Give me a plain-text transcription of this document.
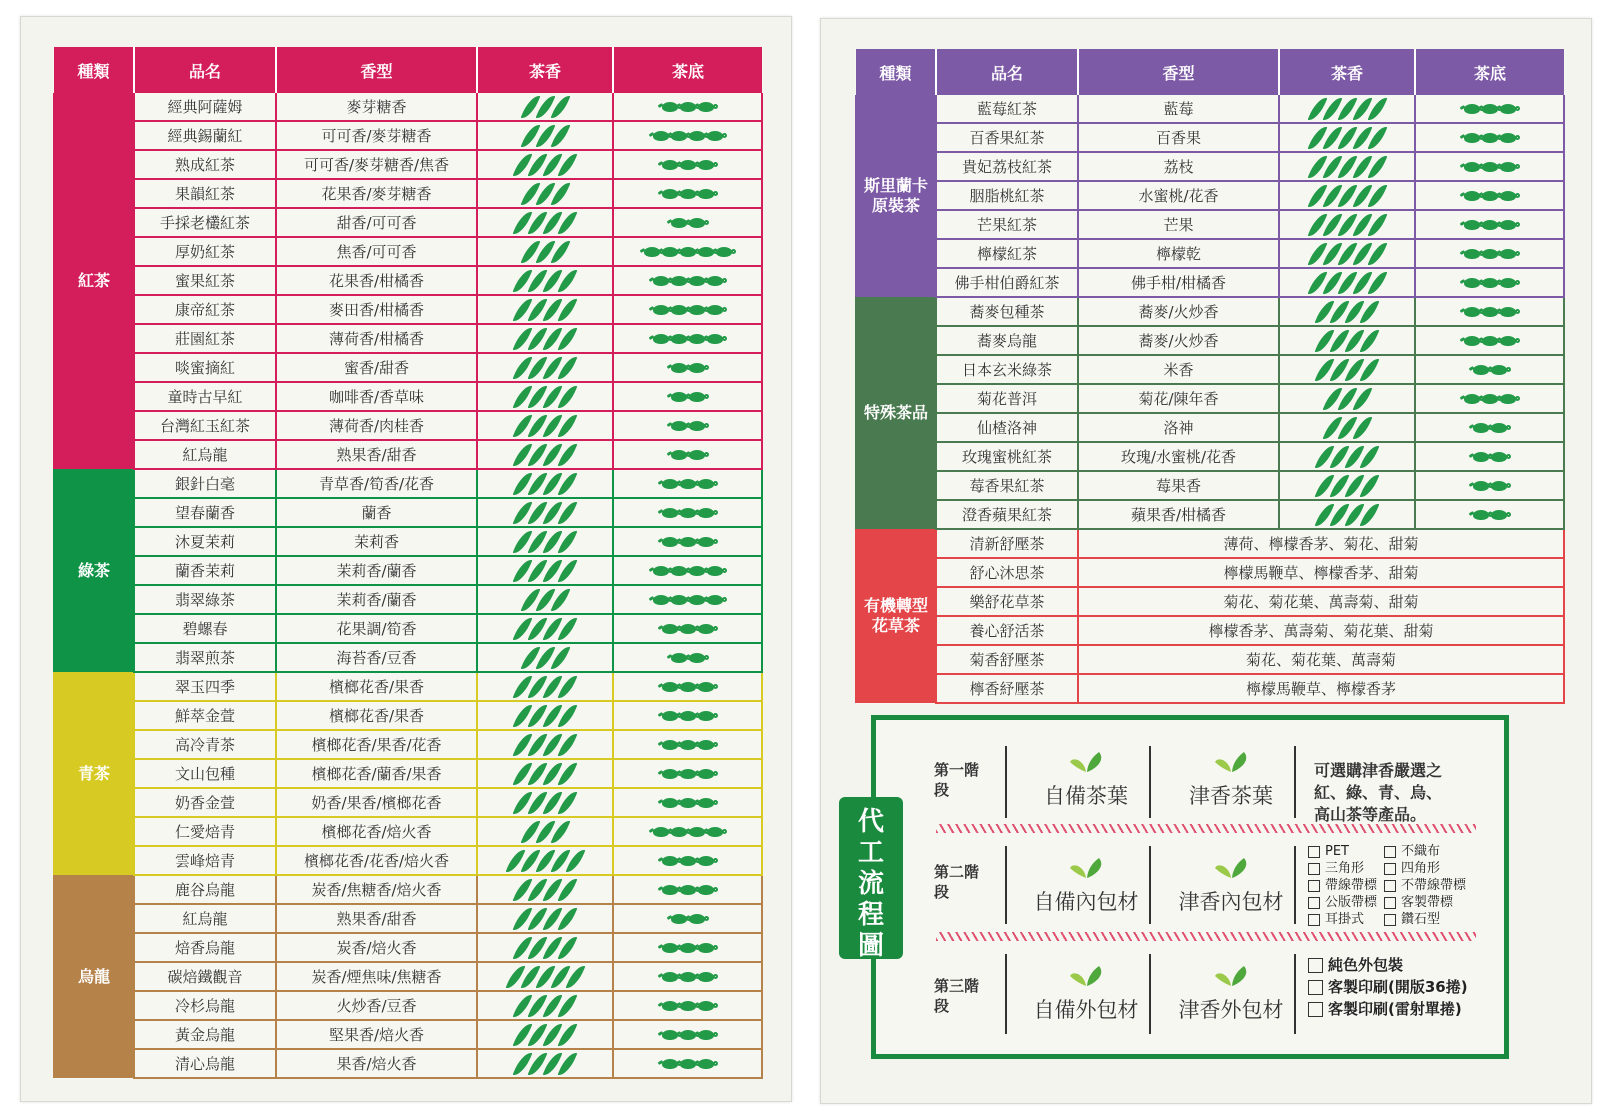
種類	品名	香型	茶香	茶底
紅茶	經典阿薩姆	麥芽糖香		
	經典錫蘭紅	可可香/麥芽糖香		
	熟成紅茶	可可香/麥芽糖香/焦香		
	果韻紅茶	花果香/麥芽糖香		
	手採老欉紅茶	甜香/可可香		
	厚奶紅茶	焦香/可可香		
	蜜果紅茶	花果香/柑橘香		
	康帝紅茶	麥田香/柑橘香		
	莊園紅茶	薄荷香/柑橘香		
	啖蜜摘紅	蜜香/甜香		
	童時古早紅	咖啡香/香草味		
	台灣紅玉紅茶	薄荷香/肉桂香		
	紅烏龍	熟果香/甜香		
綠茶	銀針白毫	青草香/筍香/花香		
	望春蘭香	蘭香		
	沐夏茉莉	茉莉香		
	蘭香茉莉	茉莉香/蘭香		
	翡翠綠茶	茉莉香/蘭香		
	碧螺春	花果調/筍香		
	翡翠煎茶	海苔香/豆香		
青茶	翠玉四季	檳榔花香/果香		
	鮮萃金萱	檳榔花香/果香		
	高冷青茶	檳榔花香/果香/花香		
	文山包種	檳榔花香/蘭香/果香		
	奶香金萱	奶香/果香/檳榔花香		
	仁愛焙青	檳榔花香/焙火香		
	雲峰焙青	檳榔花香/花香/焙火香		
烏龍	鹿谷烏龍	炭香/焦糖香/焙火香		
	紅烏龍	熟果香/甜香		
	焙香烏龍	炭香/焙火香		
	碳焙鐵觀音	炭香/煙焦味/焦糖香		
	冷杉烏龍	火炒香/豆香		
	黃金烏龍	堅果香/焙火香		
	清心烏龍	果香/焙火香		
種類	品名	香型	茶香	茶底
斯里蘭卡原裝茶	藍莓紅茶	藍莓		
	百香果紅茶	百香果		
	貴妃荔枝紅茶	荔枝		
	胭脂桃紅茶	水蜜桃/花香		
	芒果紅茶	芒果		
	檸檬紅茶	檸檬乾		
	佛手柑伯爵紅茶	佛手柑/柑橘香		
特殊茶品	蕎麥包種茶	蕎麥/火炒香		
	蕎麥烏龍	蕎麥/火炒香		
	日本玄米綠茶	米香		
	菊花普洱	菊花/陳年香		
	仙楂洛神	洛神		
	玫瑰蜜桃紅茶	玫瑰/水蜜桃/花香		
	莓香果紅茶	莓果香		
	澄香蘋果紅茶	蘋果香/柑橘香		
有機轉型花草茶	清新舒壓茶	薄荷、檸檬香茅、菊花、甜菊		
	舒心沐思茶	檸檬馬鞭草、檸檬香茅、甜菊		
	樂舒花草茶	菊花、菊花葉、萬壽菊、甜菊		
	養心舒活茶	檸檬香茅、萬壽菊、菊花葉、甜菊		
	菊香舒壓茶	菊花、菊花葉、萬壽菊		
	檸香紓壓茶	檸檬馬鞭草、檸檬香茅		
第一階段	自備茶葉	津香茶葉
可選購津香嚴選之
紅、綠、青、烏、
高山茶等產品。
第二階段	自備內包材	津香內包材
PET	不織布
三角形	四角形
帶線帶標 不帶線帶標
公版帶標 客製帶標
耳掛式	鑽石型
第三階段	自備外包材	津香外包材
純色外包裝
客製印刷(開版36捲)
客製印刷(雷射單捲)
代
工
流
程
圖
